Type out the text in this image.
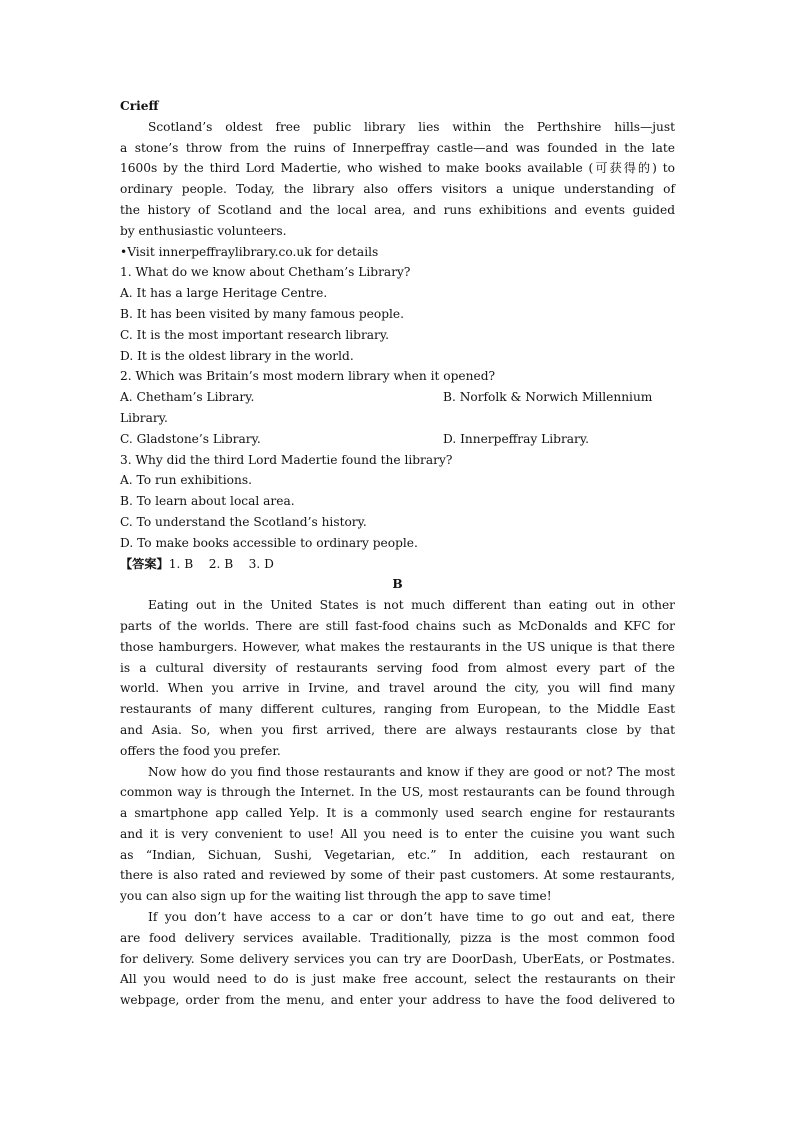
Crieff
Scotland’s oldest free public library lies within the Perthshire hills—just
a stone’s throw from the ruins of Innerpeffray castle—and was founded in the late
1600s by the third Lord Madertie, who wished to make books available (可获得的) to
ordinary people. Today, the library also offers visitors a unique understanding of
the history of Scotland and the local area, and runs exhibitions and events guided
by enthusiastic volunteers.
•Visit innerpeffraylibrary.co.uk for details
1. What do we know about Chetham’s Library?
A. It has a large Heritage Centre.
B. It has been visited by many famous people.
C. It is the most important research library.
D. It is the oldest library in the world.
2. Which was Britain’s most modern library when it opened?
A. Chetham’s Library.	B. Norfolk & Norwich Millennium
Library.
C. Gladstone’s Library.	D. Innerpeffray Library.
3. Why did the third Lord Madertie found the library?
A. To run exhibitions.
B. To learn about local area.
C. To understand the Scotland’s history.
D. To make books accessible to ordinary people.
【答案】1. B    2. B    3. D
B
Eating out in the United States is not much different than eating out in other
parts of the worlds. There are still fast-food chains such as McDonalds and KFC for
those hamburgers. However, what makes the restaurants in the US unique is that there
is a cultural diversity of restaurants serving food from almost every part of the
world. When you arrive in Irvine, and travel around the city, you will find many
restaurants of many different cultures, ranging from European, to the Middle East
and Asia. So, when you first arrived, there are always restaurants close by that
offers the food you prefer.
Now how do you find those restaurants and know if they are good or not? The most
common way is through the Internet. In the US, most restaurants can be found through
a smartphone app called Yelp. It is a commonly used search engine for restaurants
and it is very convenient to use! All you need is to enter the cuisine you want such
as “Indian, Sichuan, Sushi, Vegetarian, etc.” In addition, each restaurant on
there is also rated and reviewed by some of their past customers. At some restaurants,
you can also sign up for the waiting list through the app to save time!
If you don’t have access to a car or don’t have time to go out and eat, there
are food delivery services available. Traditionally, pizza is the most common food
for delivery. Some delivery services you can try are DoorDash, UberEats, or Postmates.
All you would need to do is just make free account, select the restaurants on their
webpage, order from the menu, and enter your address to have the food delivered to
